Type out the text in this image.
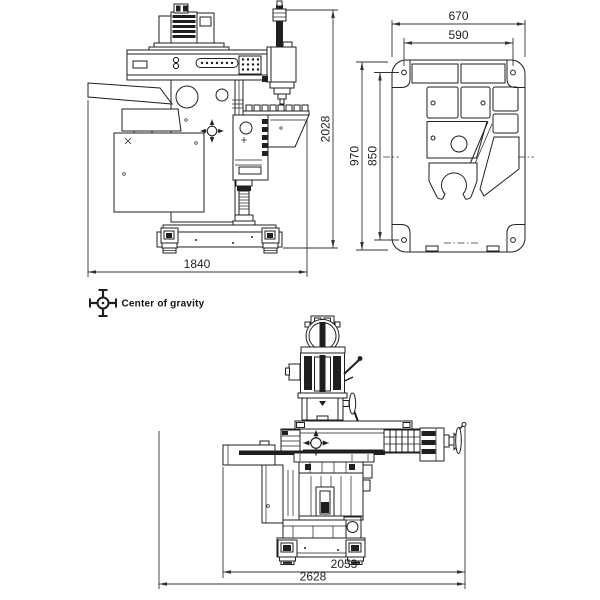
2028
1840
670
590
970 850
Center of gravity
2053
2628
